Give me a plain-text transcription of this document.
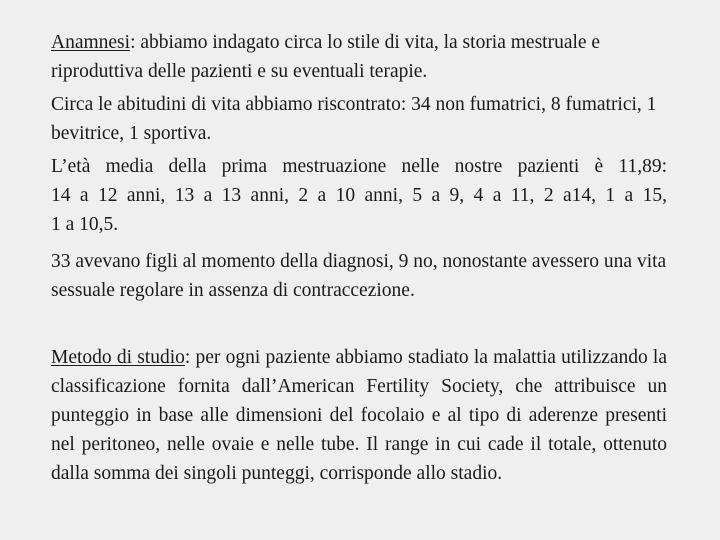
Anamnesi: abbiamo indagato circa lo stile di vita, la storia mestruale e riproduttiva delle pazienti e su eventuali terapie.

Circa le abitudini di vita abbiamo riscontrato: 34 non fumatrici, 8 fumatrici, 1 bevitrice, 1 sportiva.

L’età media della prima mestruazione nelle nostre pazienti è 11,89:
14 a 12 anni, 13 a 13 anni, 2 a 10 anni, 5 a 9, 4 a 11, 2 a14, 1 a 15,
1 a 10,5.

33 avevano figli al momento della diagnosi, 9 no, nonostante avessero una vita sessuale regolare in assenza di contraccezione.

Metodo di studio: per ogni paziente abbiamo stadiato la malattia utilizzando la classificazione fornita dall’American Fertility Society, che attribuisce un punteggio in base alle dimensioni del focolaio e al tipo di aderenze presenti nel peritoneo, nelle ovaie e nelle tube. Il range in cui cade il totale, ottenuto dalla somma dei singoli punteggi, corrisponde allo stadio.
